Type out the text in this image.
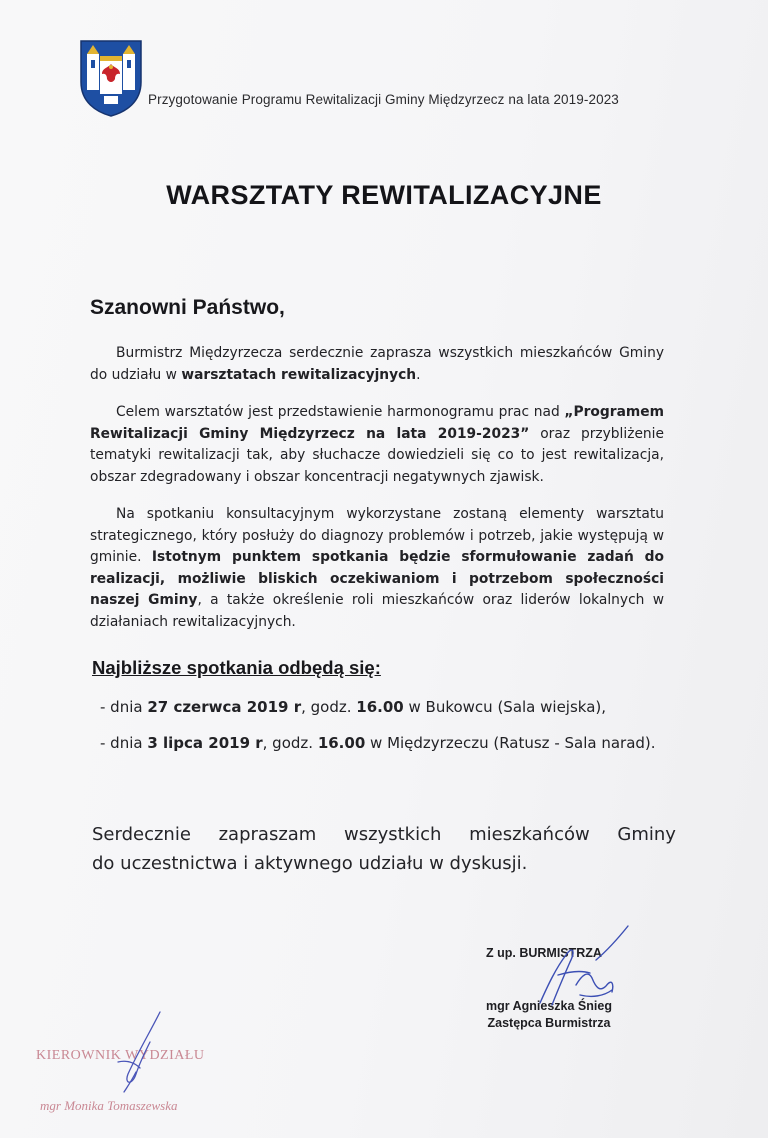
Przygotowanie Programu Rewitalizacji Gminy Międzyrzecz na lata 2019-2023
WARSZTATY REWITALIZACYJNE
Szanowni Państwo,
Burmistrz Międzyrzecza serdecznie zaprasza wszystkich mieszkańców Gminy do udziału w warsztatach rewitalizacyjnych.
Celem warsztatów jest przedstawienie harmonogramu prac nad „Programem Rewitalizacji Gminy Międzyrzecz na lata 2019-2023” oraz przybliżenie tematyki rewitalizacji tak, aby słuchacze dowiedzieli się co to jest rewitalizacja, obszar zdegradowany i obszar koncentracji negatywnych zjawisk.
Na spotkaniu konsultacyjnym wykorzystane zostaną elementy warsztatu strategicznego, który posłuży do diagnozy problemów i potrzeb, jakie występują w gminie. Istotnym punktem spotkania będzie sformułowanie zadań do realizacji, możliwie bliskich oczekiwaniom i potrzebom społeczności naszej Gminy, a także określenie roli mieszkańców oraz liderów lokalnych w działaniach rewitalizacyjnych.
Najbliższe spotkania odbędą się:
- dnia 27 czerwca 2019 r, godz. 16.00 w Bukowcu (Sala wiejska),
- dnia 3 lipca 2019 r, godz. 16.00 w Międzyrzeczu (Ratusz - Sala narad).
Serdecznie zapraszam wszystkich mieszkańców Gminy
do uczestnictwa i aktywnego udziału w dyskusji.
Z up. BURMISTRZA
mgr Agnieszka Śnieg
Zastępca Burmistrza
KIEROWNIK WYDZIAŁU
mgr Monika Tomaszewska
